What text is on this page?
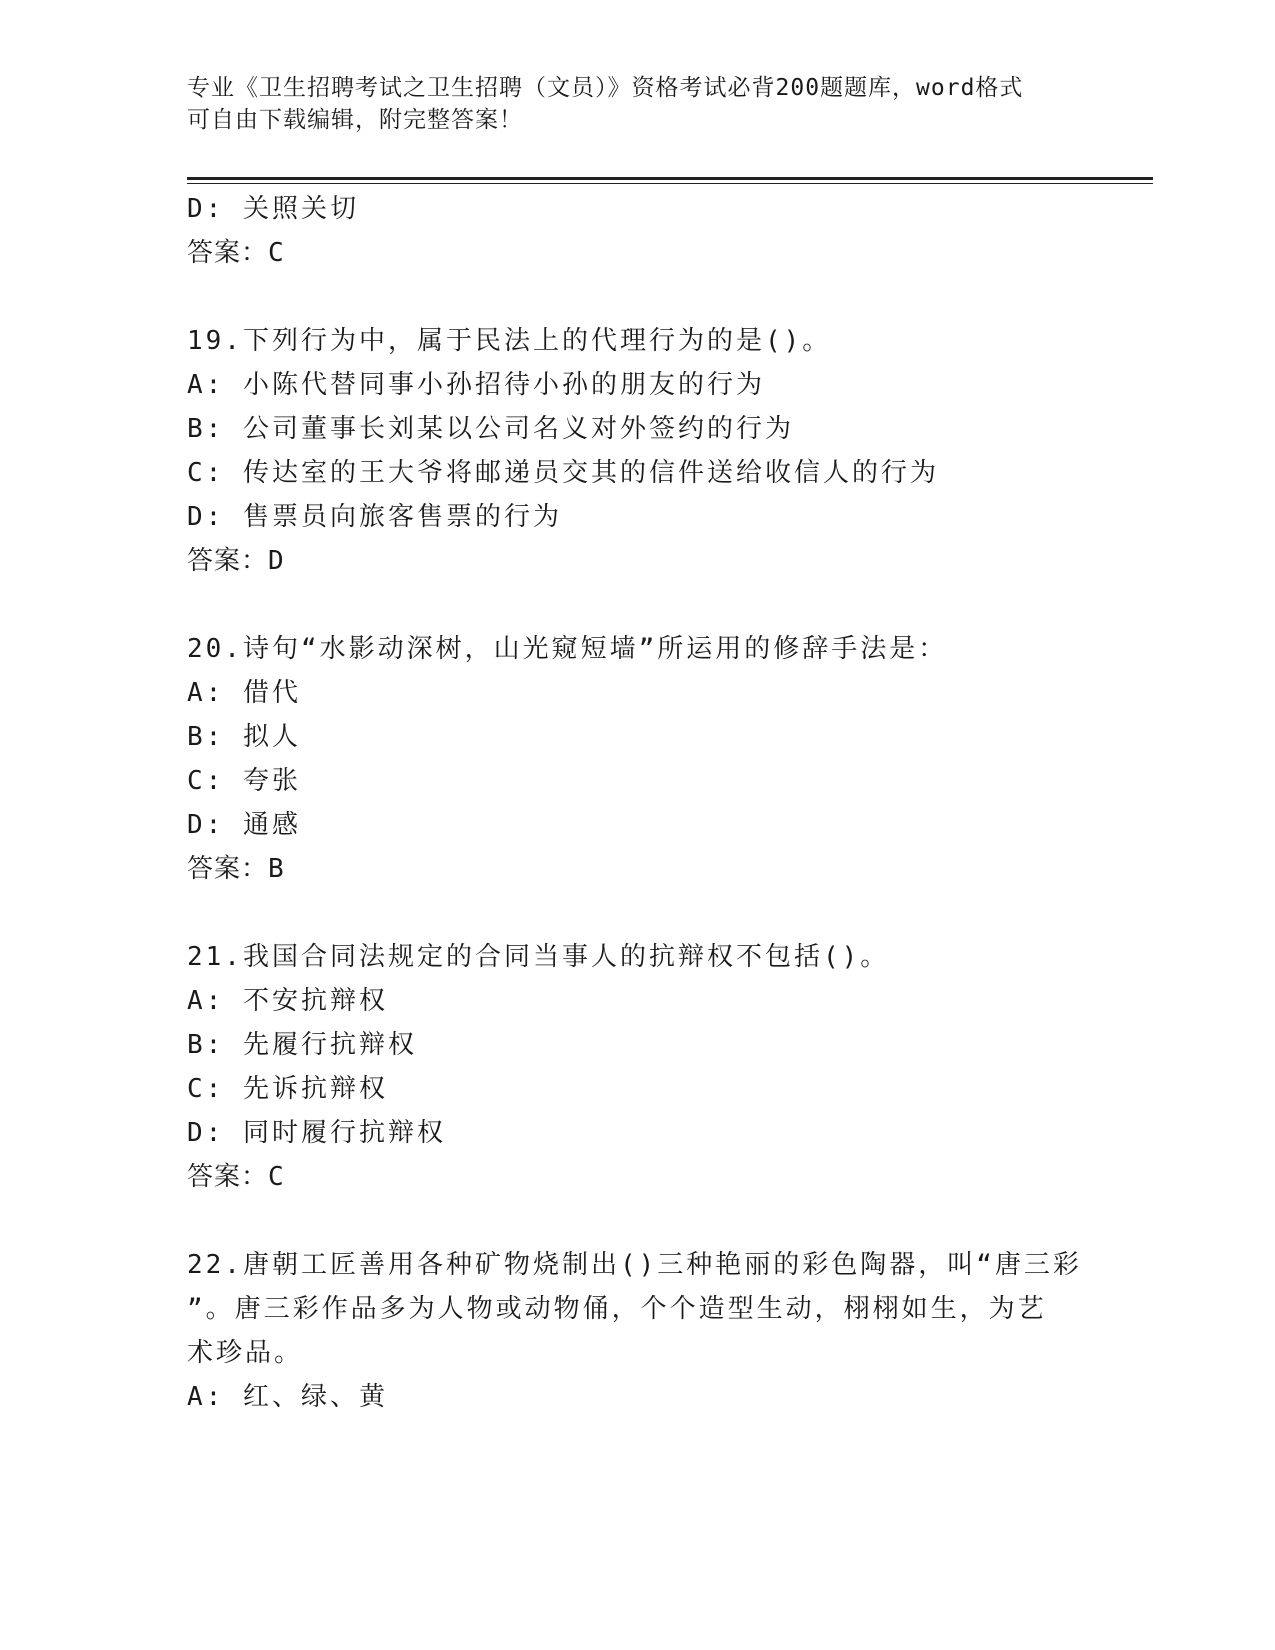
专业《卫生招聘考试之卫生招聘（文员）》资格考试必背200题题库，word格式
可自由下载编辑，附完整答案！
D: 关照关切
答案：C
19.下列行为中，属于民法上的代理行为的是()。
A: 小陈代替同事小孙招待小孙的朋友的行为
B: 公司董事长刘某以公司名义对外签约的行为
C: 传达室的王大爷将邮递员交其的信件送给收信人的行为
D: 售票员向旅客售票的行为
答案：D
20.诗句“水影动深树，山光窥短墙”所运用的修辞手法是：
A: 借代
B: 拟人
C: 夸张
D: 通感
答案：B
21.我国合同法规定的合同当事人的抗辩权不包括()。
A: 不安抗辩权
B: 先履行抗辩权
C: 先诉抗辩权
D: 同时履行抗辩权
答案：C
22.唐朝工匠善用各种矿物烧制出()三种艳丽的彩色陶器，叫“唐三彩
”。唐三彩作品多为人物或动物俑，个个造型生动，栩栩如生，为艺
术珍品。
A: 红、绿、黄
